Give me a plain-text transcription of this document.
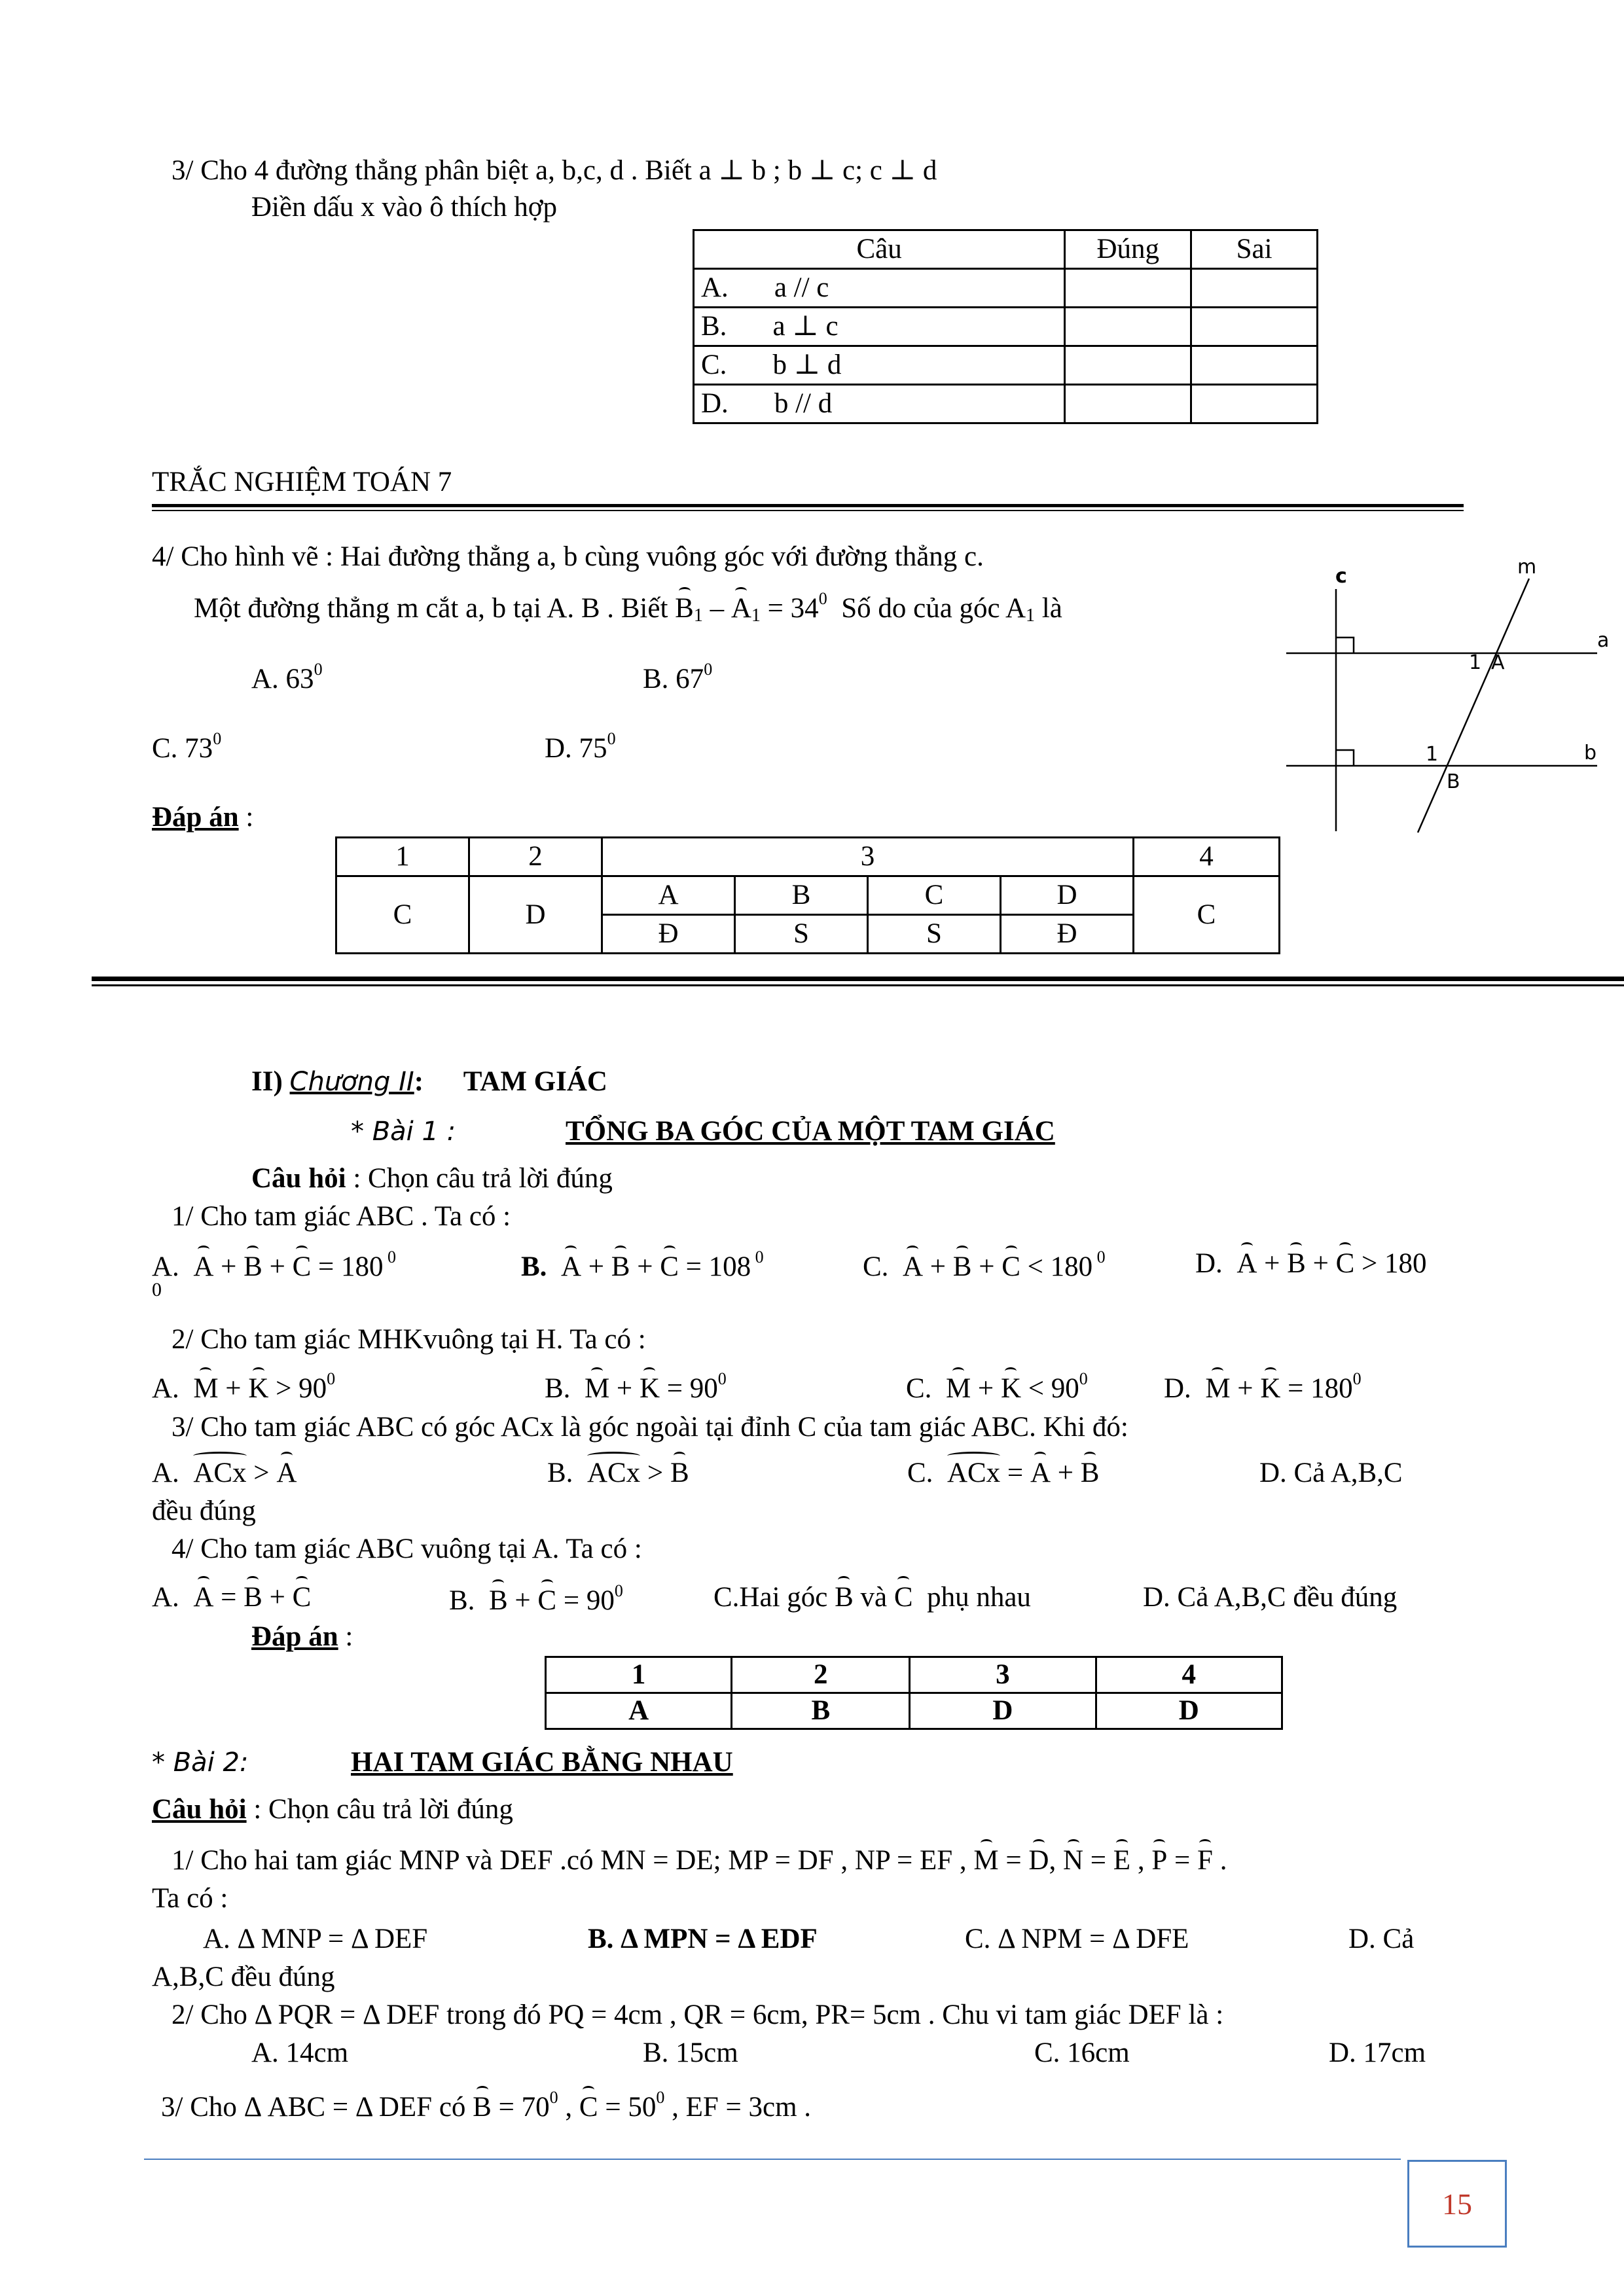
3/ Cho 4 đường thẳng phân biệt a, b,c, d . Biết a ⊥ b ; b ⊥ c; c ⊥ d
Điền dấu x vào ô thích hợp
Câu	Đúng	Sai
A. a // c		
B. a ⊥ c		
C. b ⊥ d		
D. b // d		
TRẮC NGHIỆM TOÁN 7
4/ Cho hình vẽ : Hai đường thẳng a, b cùng vuông góc với đường thẳng c.
Một đường thẳng m cắt a, b tại A. B . Biết $B_1 - A_1 = 34^0$ Số do của góc $A_1$ là
A. $63^0$	B. $67^0$
C. $73^0$	D. $75^0$
c	m
a
b
1 A
1
B
Đáp án :
1	2	3				4
C	D	A	B	C	D	C
		Đ	S	S	Đ	
II) Chương II: TAM GIÁC
* Bài 1 :	TỔNG BA GÓC CỦA MỘT TAM GIÁC
Câu hỏi : Chọn câu trả lời đúng
1/ Cho tam giác ABC . Ta có :
A. A + B + C = 180 $^0$
0
B. A + B + C = 108 $^0$	C. A + B + C < 180 $^0$	D. A + B + C > 180
2/ Cho tam giác MHKvuông tại H. Ta có :
A. $M + K > 90^0$	B. $M + K = 90^0$	C. $M + K < 90^0$	D. $M + K = 180^0$
3/ Cho tam giác ABC có góc ACx là góc ngoài tại đỉnh C của tam giác ABC. Khi đó:
A. ACx > A	B. ACx > B	C. ACx = A + B	D. Cả A,B,C
đều đúng
4/ Cho tam giác ABC vuông tại A. Ta có :
A. A = B + C	B. $B + C = 90^0$	C.Hai góc B và C phụ nhau	D. Cả A,B,C đều đúng
Đáp án :
1	2	3	4
A	B	D	D
* Bài 2:	HAI TAM GIÁC BẰNG NHAU
Câu hỏi : Chọn câu trả lời đúng
1/ Cho hai tam giác MNP và DEF .có MN = DE; MP = DF , NP = EF , M = D, N = E , P = F .
Ta có :
A. Δ MNP = Δ DEF	B. Δ MPN = Δ EDF	C. Δ NPM = Δ DFE	D. Cả
A,B,C đều đúng
2/ Cho Δ PQR = Δ DEF trong đó PQ = 4cm , QR = 6cm, PR= 5cm . Chu vi tam giác DEF là :
A. 14cm	B. 15cm	C. 16cm	D. 17cm
3/ Cho Δ ABC = Δ DEF có $B = 70^0$ , $C = 50^0$ , EF = 3cm .
15
